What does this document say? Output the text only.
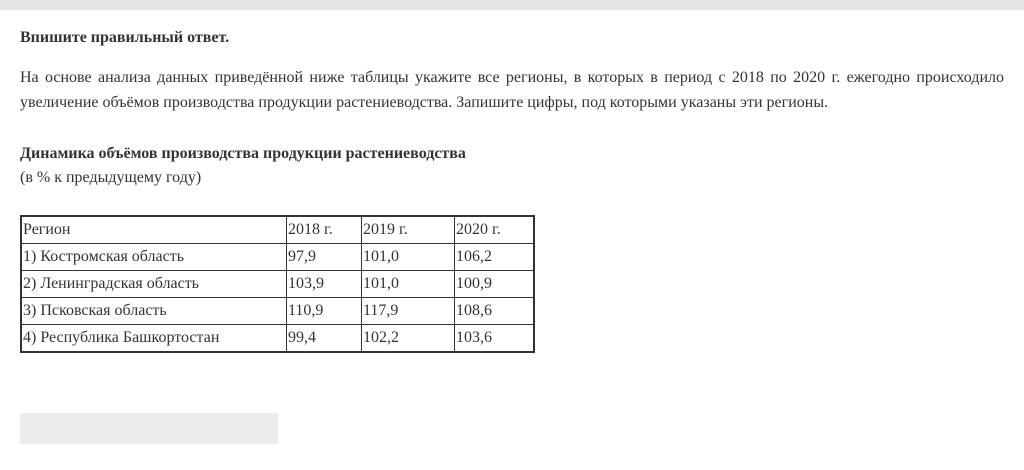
Впишите правильный ответ.

На основе анализа данных приведённой ниже таблицы укажите все регионы, в которых в период с 2018 по 2020 г. ежегодно происходило увеличение объёмов производства продукции растениеводства. Запишите цифры, под которыми указаны эти регионы.

Динамика объёмов производства продукции растениеводства

(в % к предыдущему году)

Регион	2018 г.	2019 г.	2020 г.
1) Костромская область	97,9	101,0	106,2
2) Ленинградская область	103,9	101,0	100,9
3) Псковская область	110,9	117,9	108,6
4) Республика Башкортостан	99,4	102,2	103,6
